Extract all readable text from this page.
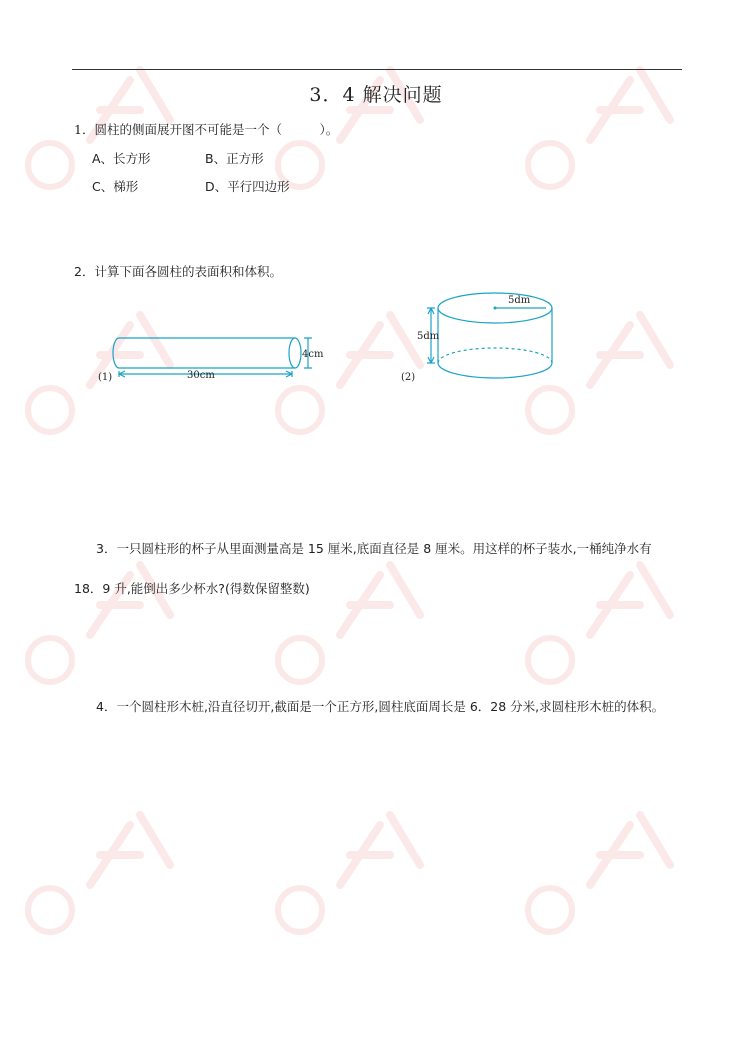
3．4 解决问题
1．圆柱的侧面展开图不可能是一个（　　　）。
A、长方形	B、正方形
C、梯形	D、平行四边形
2．计算下面各圆柱的表面积和体积。
4cm
30cm
(1)
5dm
5dm
(2)
3．一只圆柱形的杯子从里面测量高是 15 厘米,底面直径是 8 厘米。用这样的杯子装水,一桶纯净水有
18．9 升,能倒出多少杯水?(得数保留整数)
4．一个圆柱形木桩,沿直径切开,截面是一个正方形,圆柱底面周长是 6．28 分米,求圆柱形木桩的体积。
